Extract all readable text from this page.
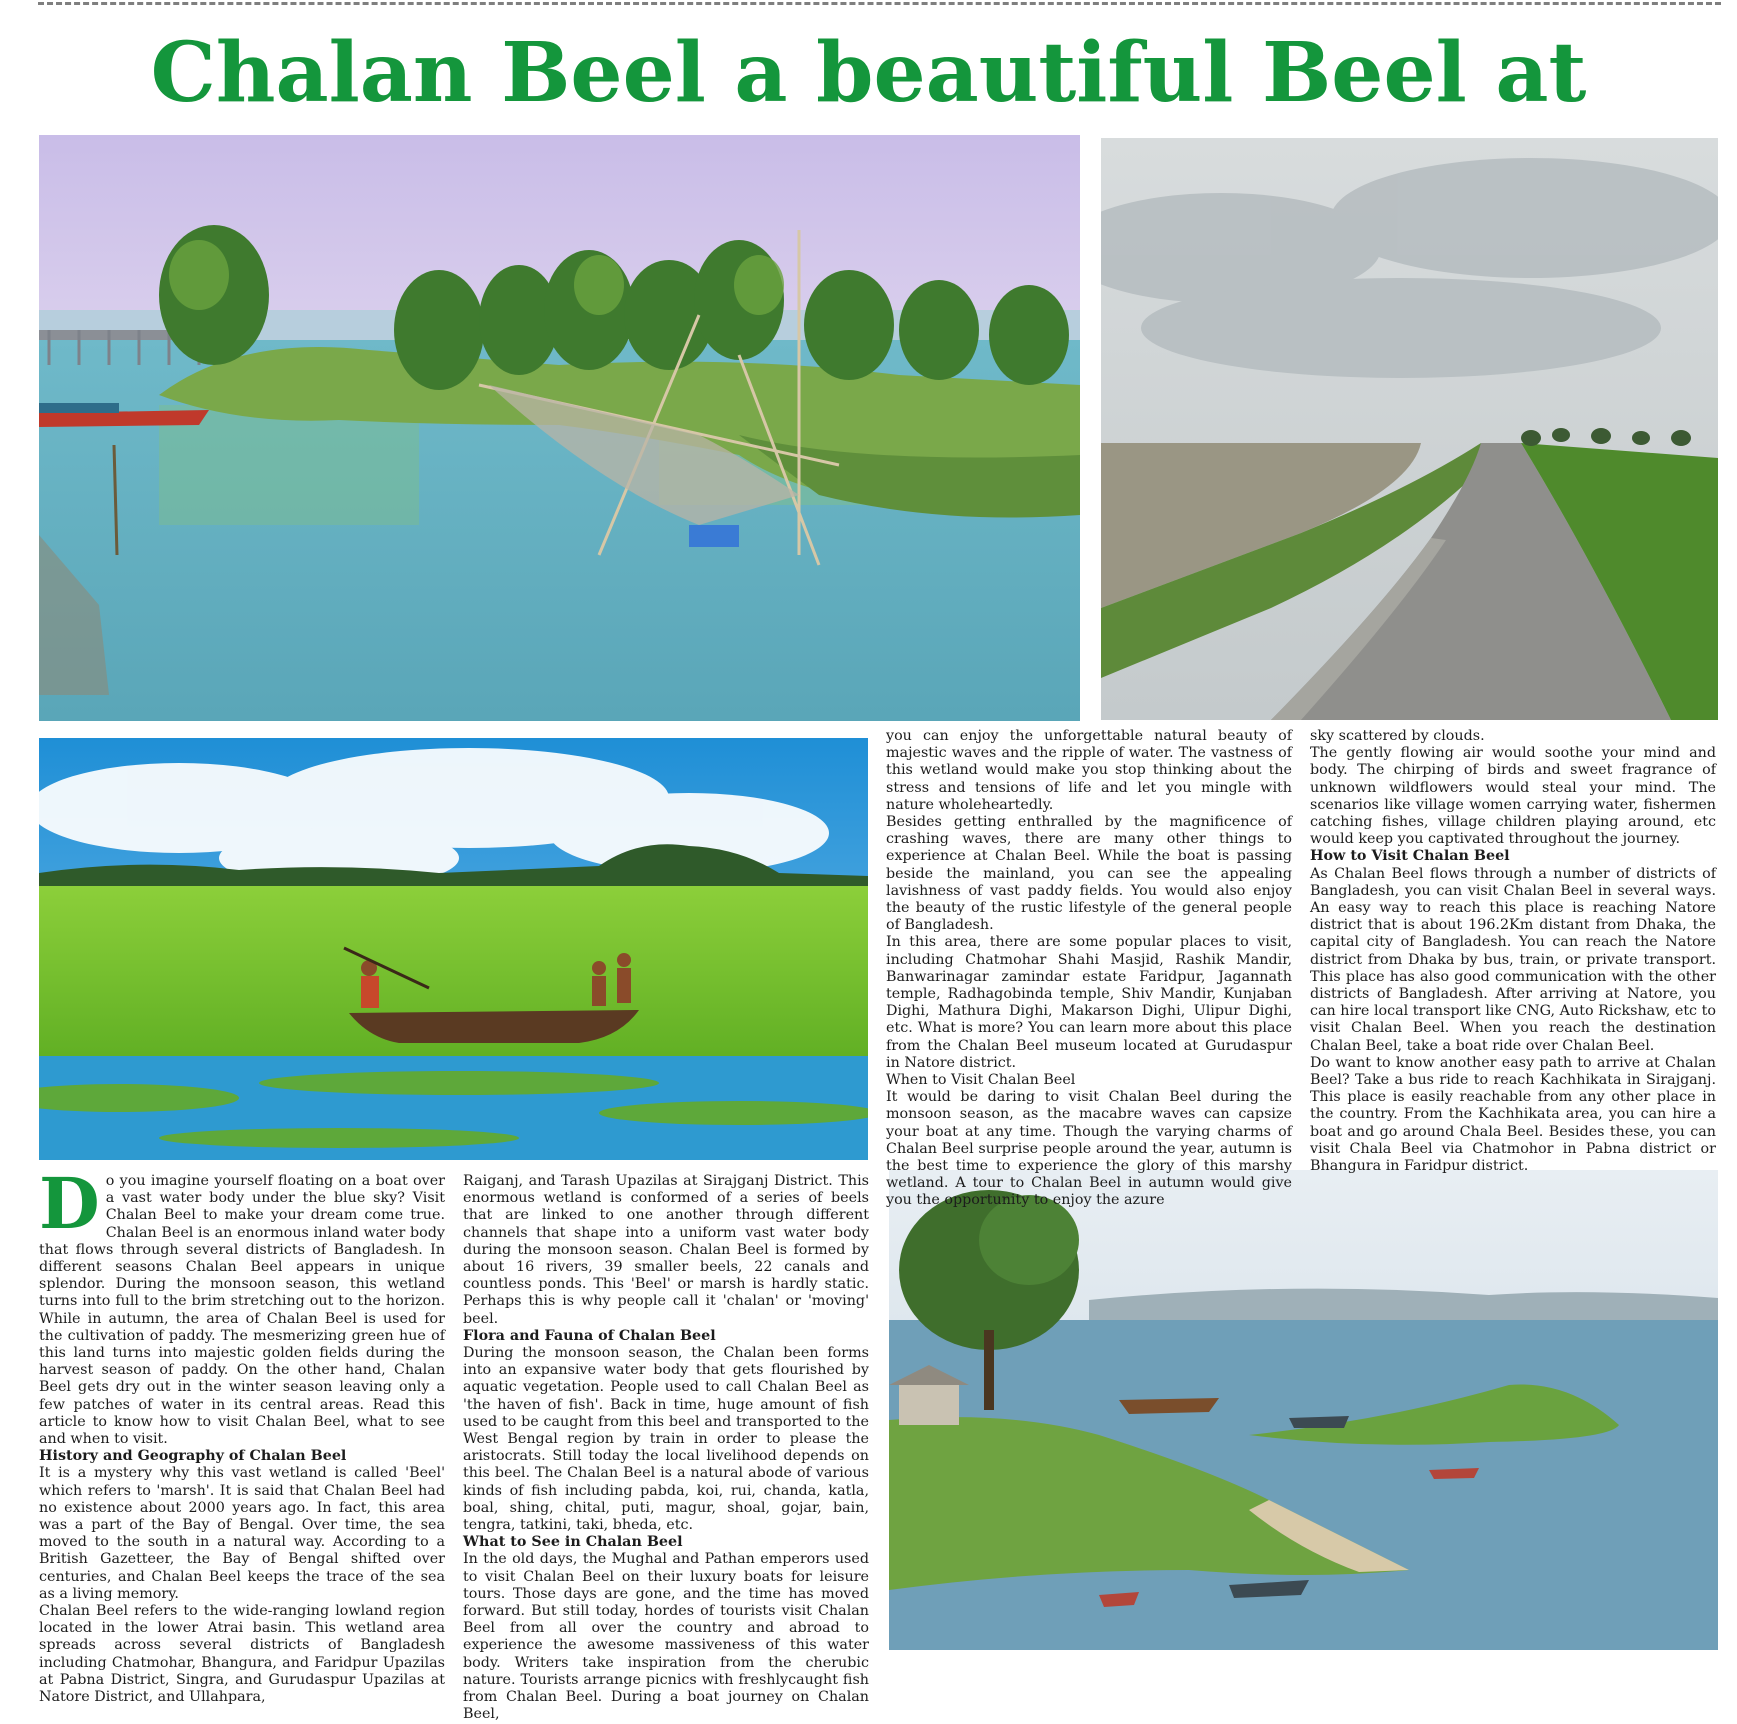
Chalan Beel a beautiful Beel at
D o you imagine yourself floating on a boat over a vast water body under the blue sky? Visit Chalan Beel to make your dream come true. Chalan Beel is an enormous inland water body that flows through several districts of Bangladesh. In different seasons Chalan Beel appears in unique splendor. During the monsoon season, this wetland turns into full to the brim stretching out to the horizon. While in autumn, the area of Chalan Beel is used for the cultivation of paddy. The mesmerizing green hue of this land turns into majestic golden fields during the harvest season of paddy. On the other hand, Chalan Beel gets dry out in the winter season leaving only a few patches of water in its central areas. Read this article to know how to visit Chalan Beel, what to see and when to visit.

History and Geography of Chalan Beel

It is a mystery why this vast wetland is called 'Beel' which refers to 'marsh'. It is said that Chalan Beel had no existence about 2000 years ago. In fact, this area was a part of the Bay of Bengal. Over time, the sea moved to the south in a natural way. According to a British Gazetteer, the Bay of Bengal shifted over centuries, and Chalan Beel keeps the trace of the sea as a living memory.

Chalan Beel refers to the wide-ranging lowland region located in the lower Atrai basin. This wetland area spreads across several districts of Bangladesh including Chatmohar, Bhangura, and Faridpur Upazilas at Pabna District, Singra, and Gurudaspur Upazilas at Natore District, and Ullahpara,

Raiganj, and Tarash Upazilas at Sirajganj District. This enormous wetland is conformed of a series of beels that are linked to one another through different channels that shape into a uniform vast water body during the monsoon season. Chalan Beel is formed by about 16 rivers, 39 smaller beels, 22 canals and countless ponds. This 'Beel' or marsh is hardly static. Perhaps this is why people call it 'chalan' or 'moving' beel.

Flora and Fauna of Chalan Beel

During the monsoon season, the Chalan been forms into an expansive water body that gets flourished by aquatic vegetation. People used to call Chalan Beel as 'the haven of fish'. Back in time, huge amount of fish used to be caught from this beel and transported to the West Bengal region by train in order to please the aristocrats. Still today the local livelihood depends on this beel. The Chalan Beel is a natural abode of various kinds of fish including pabda, koi, rui, chanda, katla, boal, shing, chital, puti, magur, shoal, gojar, bain, tengra, tatkini, taki, bheda, etc.

What to See in Chalan Beel

In the old days, the Mughal and Pathan emperors used to visit Chalan Beel on their luxury boats for leisure tours. Those days are gone, and the time has moved forward. But still today, hordes of tourists visit Chalan Beel from all over the country and abroad to experience the awesome massiveness of this water body. Writers take inspiration from the cherubic nature. Tourists arrange picnics with freshlycaught fish from Chalan Beel. During a boat journey on Chalan Beel,

you can enjoy the unforgettable natural beauty of majestic waves and the ripple of water. The vastness of this wetland would make you stop thinking about the stress and tensions of life and let you mingle with nature wholeheartedly.

Besides getting enthralled by the magnificence of crashing waves, there are many other things to experience at Chalan Beel. While the boat is passing beside the mainland, you can see the appealing lavishness of vast paddy fields. You would also enjoy the beauty of the rustic lifestyle of the general people of Bangladesh.

In this area, there are some popular places to visit, including Chatmohar Shahi Masjid, Rashik Mandir, Banwarinagar zamindar estate Faridpur, Jagannath temple, Radhagobinda temple, Shiv Mandir, Kunjaban Dighi, Mathura Dighi, Makarson Dighi, Ulipur Dighi, etc. What is more? You can learn more about this place from the Chalan Beel museum located at Gurudaspur in Natore district.

When to Visit Chalan Beel

It would be daring to visit Chalan Beel during the monsoon season, as the macabre waves can capsize your boat at any time. Though the varying charms of Chalan Beel surprise people around the year, autumn is the best time to experience the glory of this marshy wetland. A tour to Chalan Beel in autumn would give you the opportunity to enjoy the azure

sky scattered by clouds.

The gently flowing air would soothe your mind and body. The chirping of birds and sweet fragrance of unknown wildflowers would steal your mind. The scenarios like village women carrying water, fishermen catching fishes, village children playing around, etc would keep you captivated throughout the journey.

How to Visit Chalan Beel

As Chalan Beel flows through a number of districts of Bangladesh, you can visit Chalan Beel in several ways. An easy way to reach this place is reaching Natore district that is about 196.2Km distant from Dhaka, the capital city of Bangladesh. You can reach the Natore district from Dhaka by bus, train, or private transport. This place has also good communication with the other districts of Bangladesh. After arriving at Natore, you can hire local transport like CNG, Auto Rickshaw, etc to visit Chalan Beel. When you reach the destination Chalan Beel, take a boat ride over Chalan Beel.

Do want to know another easy path to arrive at Chalan Beel? Take a bus ride to reach Kachhikata in Sirajganj. This place is easily reachable from any other place in the country. From the Kachhikata area, you can hire a boat and go around Chala Beel. Besides these, you can visit Chala Beel via Chatmohor in Pabna district or Bhangura in Faridpur district.
